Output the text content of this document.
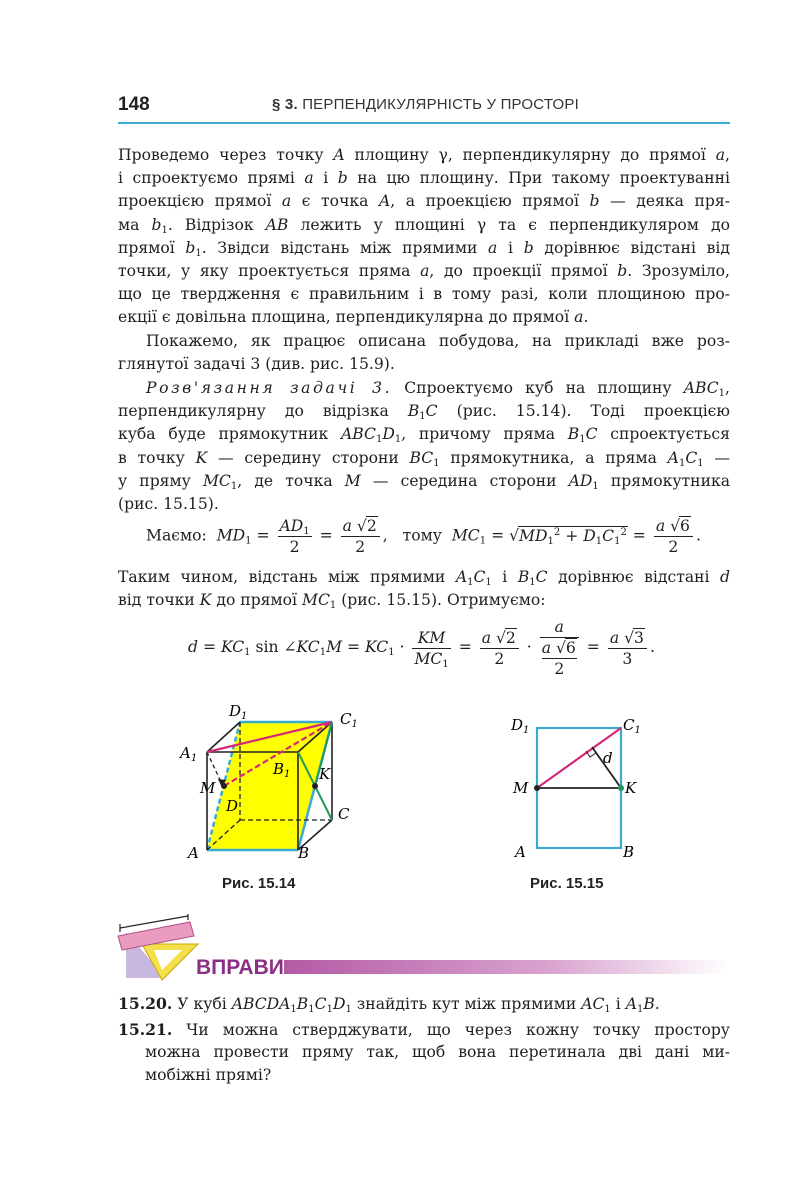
148	§ 3. ПЕРПЕНДИКУЛЯРНІСТЬ У ПРОСТОРІ
Проведемо через точку A площину γ, перпендикулярну до прямої a,
і спроектуємо прямі a і b на цю площину. При такому проектуванні
проекцією прямої a є точка A, а проекцією прямої b — деяка пря-
ма $b_1$. Відрізок AB лежить у площині γ та є перпендикуляром до
прямої $b_1$. Звідси відстань між прямими a і b дорівнює відстані від
точки, у яку проектується пряма a, до проекції прямої b. Зрозуміло,
що це твердження є правильним і в тому разі, коли площиною про-
екції є довільна площина, перпендикулярна до прямої a.
Покажемо, як працює описана побудова, на прикладі вже роз-
глянутої задачі 3 (див. рис. 15.9).
Розв'язання задачі 3. Спроектуємо куб на площину $ABC_1$,
перпендикулярну до відрізка $B_1C$ (рис. 15.14). Тоді проекцією
куба буде прямокутник $ABC_1D_1$, причому пряма $B_1C$ спроектується
в точку K — середину сторони $BC_1$ прямокутника, а пряма $A_1C_1$ —
у пряму $MC_1$, де точка M — середина сторони $AD_1$ прямокутника
(рис. 15.15).
Маємо:  $MD_1 = \frac{AD_1}{2} = \frac{a √2}{2}$ ,   тому  $MC_1 = √MD_1^2 + D_1C_1^2 = \frac{a √6}{2}$ .
Таким чином, відстань між прямими $A_1C_1$ і $B_1C$ дорівнює відстані d
від точки K до прямої $MC_1$ (рис. 15.15). Отримуємо:
$d = KC_1$ $\sin \angle KC_1M = KC_1 \cdot \frac{KM}{MC_1} = \frac{a √2}{2} \cdot \frac{a}{\frac{a √6}{2}} = \frac{a √3}{3}$ .
$D_1$	$C_1$
$A_1$
$B_1$
M
K
D	C
A	B
Рис. 15.14
$D_1$	$C_1$
d
M	K
A	B
Рис. 15.15
ВПРАВИ
15.20. У кубі $ABCDA_1B_1C_1D_1$ знайдіть кут між прямими $AC_1$ і $A_1B$.
15.21. Чи можна стверджувати, що через кожну точку простору
можна провести пряму так, щоб вона перетинала дві дані ми-
мобіжні прямі?
